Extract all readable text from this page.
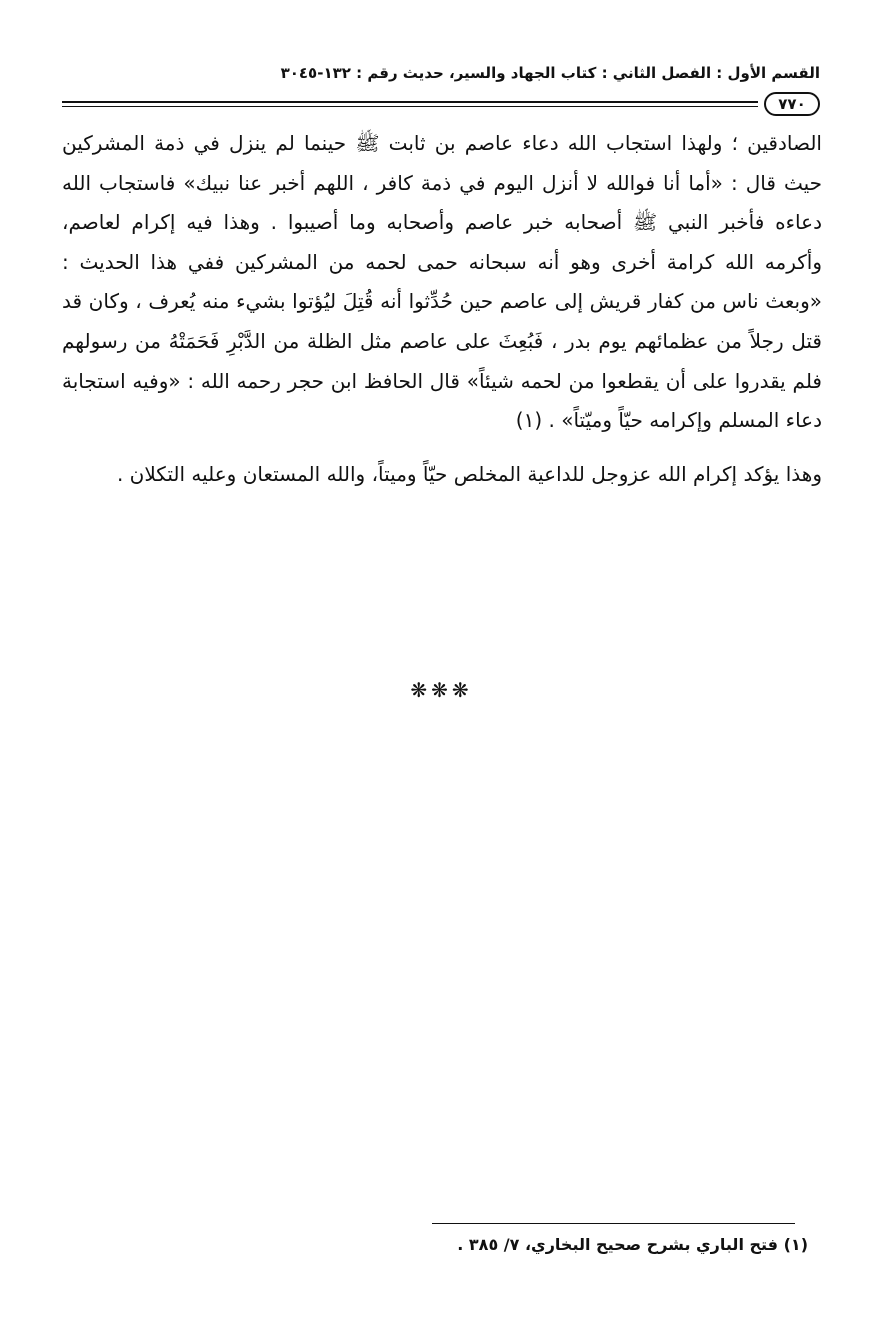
القسم الأول : الفصل الثاني : كتاب الجهاد والسير، حديث رقم : ١٣٢-٣٠٤٥
٧٧٠

الصادقين ؛ ولهذا استجاب الله دعاء عاصم بن ثابت ﷺ حينما لم ينزل في ذمة المشركين حيث قال : «أما أنا فوالله لا أنزل اليوم في ذمة كافر ، اللهم أخبر عنا نبيك» فاستجاب الله دعاءه فأخبر النبي ﷺ أصحابه خبر عاصم وأصحابه وما أصيبوا . وهذا فيه إكرام لعاصم، وأكرمه الله كرامة أخرى وهو أنه سبحانه حمى لحمه من المشركين ففي هذا الحديث : «وبعث ناس من كفار قريش إلى عاصم حين حُدِّثوا أنه قُتِلَ ليُؤتوا بشيء منه يُعرف ، وكان قد قتل رجلاً من عظمائهم يوم بدر ، فَبُعِثَ على عاصم مثل الظلة من الدَّبْرِ فَحَمَتْهُ من رسولهم فلم يقدروا على أن يقطعوا من لحمه شيئاً» قال الحافظ ابن حجر رحمه الله : «وفيه استجابة دعاء المسلم وإكرامه حيّاً وميّتاً» . (١)

وهذا يؤكد إكرام الله عزوجل للداعية المخلص حيّاً وميتاً، والله المستعان وعليه التكلان .

❋❋❋
(١) فتح الباري بشرح صحيح البخاري، ٧/ ٣٨٥ .
